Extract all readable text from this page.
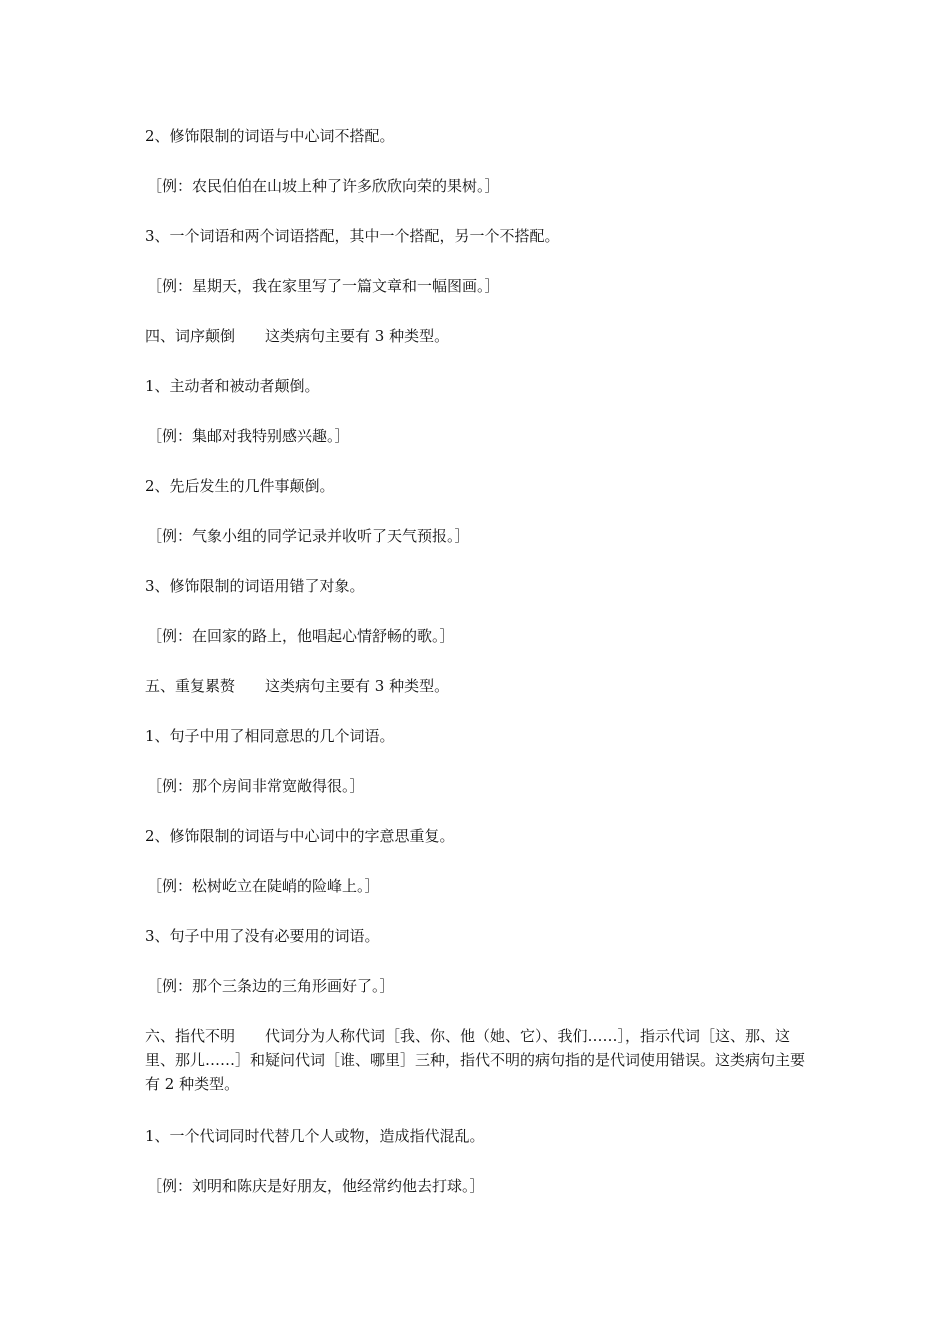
2、修饰限制的词语与中心词不搭配。
［例：农民伯伯在山坡上种了许多欣欣向荣的果树。］
3、一个词语和两个词语搭配，其中一个搭配，另一个不搭配。
［例：星期天，我在家里写了一篇文章和一幅图画。］
四、词序颠倒　　这类病句主要有 3 种类型。
1、主动者和被动者颠倒。
［例：集邮对我特别感兴趣。］
2、先后发生的几件事颠倒。
［例：气象小组的同学记录并收听了天气预报。］
3、修饰限制的词语用错了对象。
［例：在回家的路上，他唱起心情舒畅的歌。］
五、重复累赘　　这类病句主要有 3 种类型。
1、句子中用了相同意思的几个词语。
［例：那个房间非常宽敞得很。］
2、修饰限制的词语与中心词中的字意思重复。
［例：松树屹立在陡峭的险峰上。］
3、句子中用了没有必要用的词语。
［例：那个三条边的三角形画好了。］
六、指代不明　　代词分为人称代词［我、你、他（她、它）、我们……］，指示代词［这、那、这里、那儿……］和疑问代词［谁、哪里］三种，指代不明的病句指的是代词使用错误。这类病句主要有 2 种类型。
1、一个代词同时代替几个人或物，造成指代混乱。
［例：刘明和陈庆是好朋友，他经常约他去打球。］
